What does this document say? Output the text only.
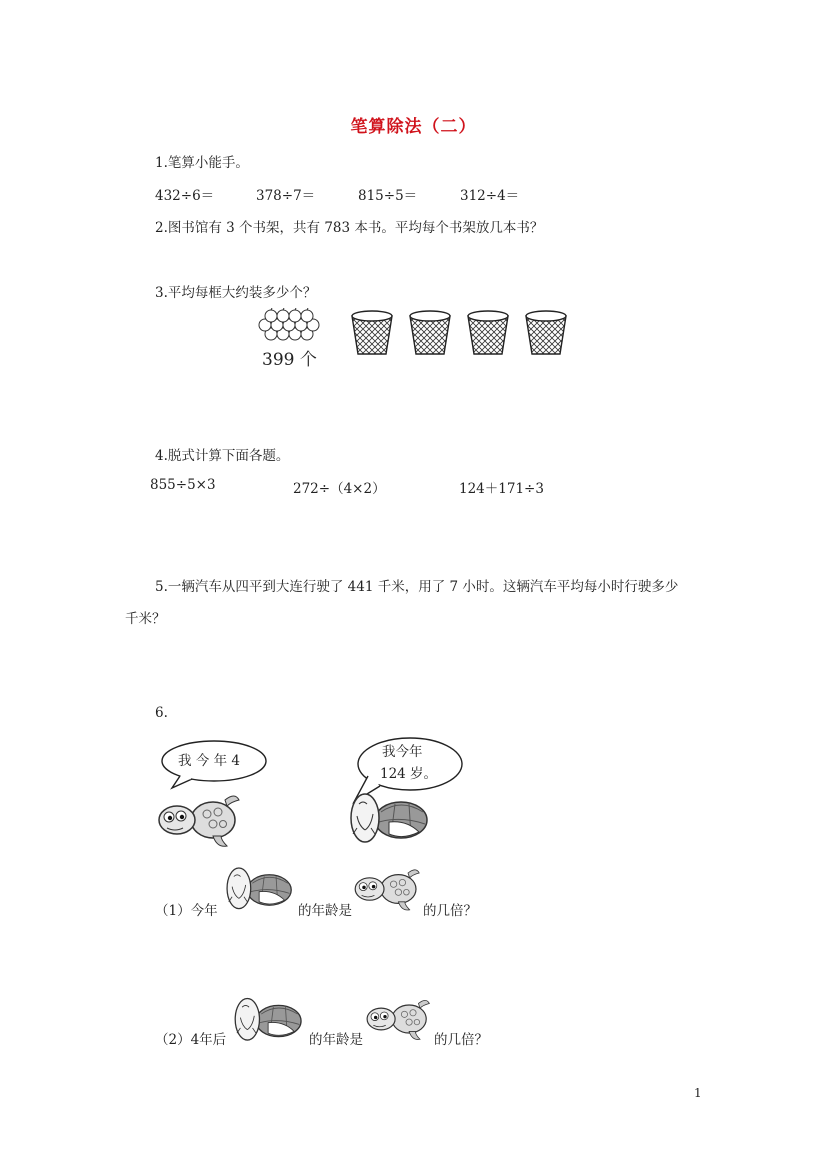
笔算除法（二）
1.笔算小能手。
432÷6＝	378÷7＝	815÷5＝	312÷4＝
2.图书馆有 3 个书架，共有 783 本书。平均每个书架放几本书？
3.平均每框大约装多少个？
399 个
4.脱式计算下面各题。
855÷5×3	272÷（4×2）	124＋171÷3
5.一辆汽车从四平到大连行驶了 441 千米，用了 7 小时。这辆汽车平均每小时行驶多少
千米？
6.
我 今 年 4
我今年
124 岁。
（1）今年	的年龄是	的几倍？
（2）4年后	的年龄是	的几倍？
1
